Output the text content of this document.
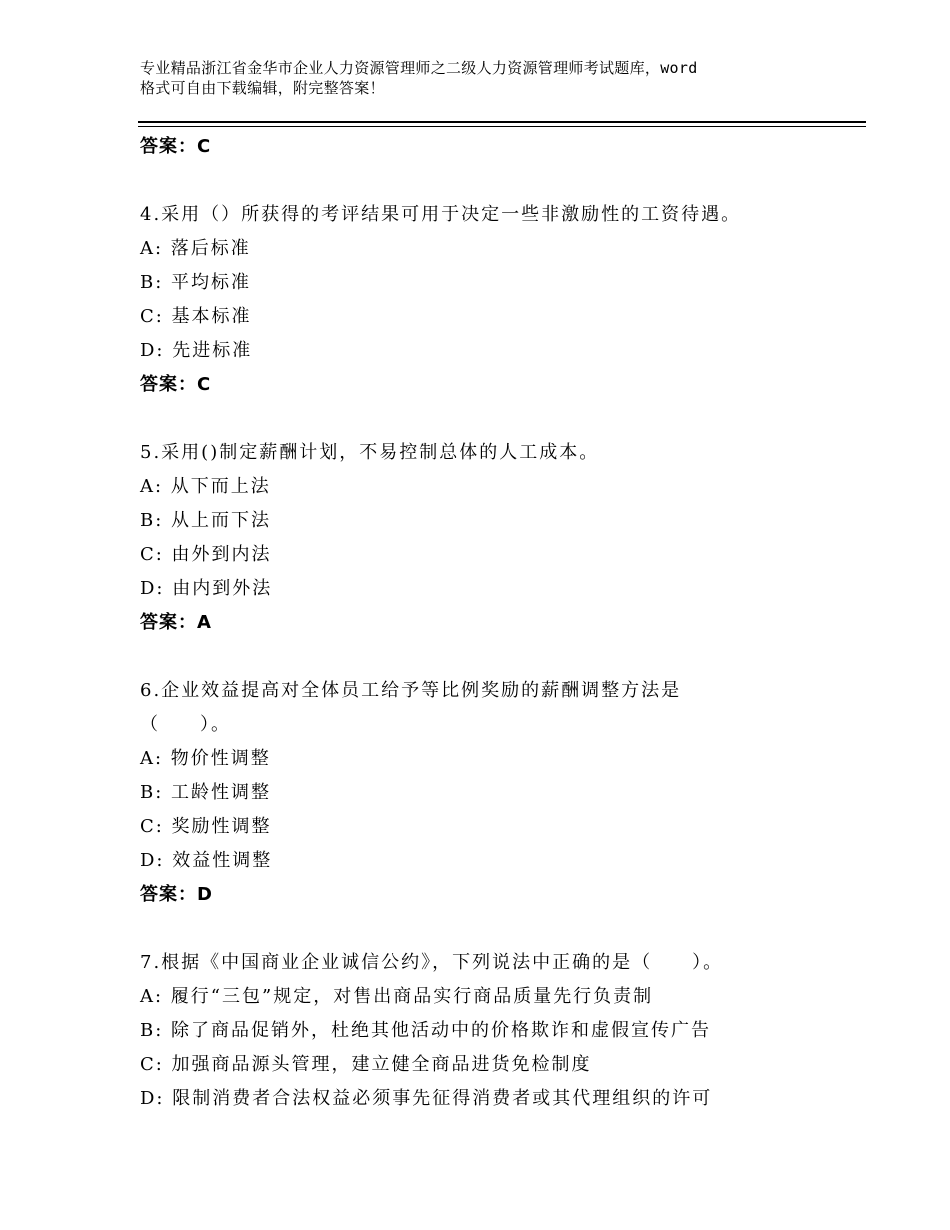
专业精品浙江省金华市企业人力资源管理师之二级人力资源管理师考试题库，word
格式可自由下载编辑，附完整答案！
答案：C
4.采用（）所获得的考评结果可用于决定一些非激励性的工资待遇。
A: 落后标准
B: 平均标准
C: 基本标准
D: 先进标准
答案：C
5.采用()制定薪酬计划，不易控制总体的人工成本。
A: 从下而上法
B: 从上而下法
C: 由外到内法
D: 由内到外法
答案：A
6.企业效益提高对全体员工给予等比例奖励的薪酬调整方法是
（　　）。
A: 物价性调整
B: 工龄性调整
C: 奖励性调整
D: 效益性调整
答案：D
7.根据《中国商业企业诚信公约》，下列说法中正确的是（　　）。
A: 履行“三包”规定，对售出商品实行商品质量先行负责制
B: 除了商品促销外，杜绝其他活动中的价格欺诈和虚假宣传广告
C: 加强商品源头管理，建立健全商品进货免检制度
D: 限制消费者合法权益必须事先征得消费者或其代理组织的许可
